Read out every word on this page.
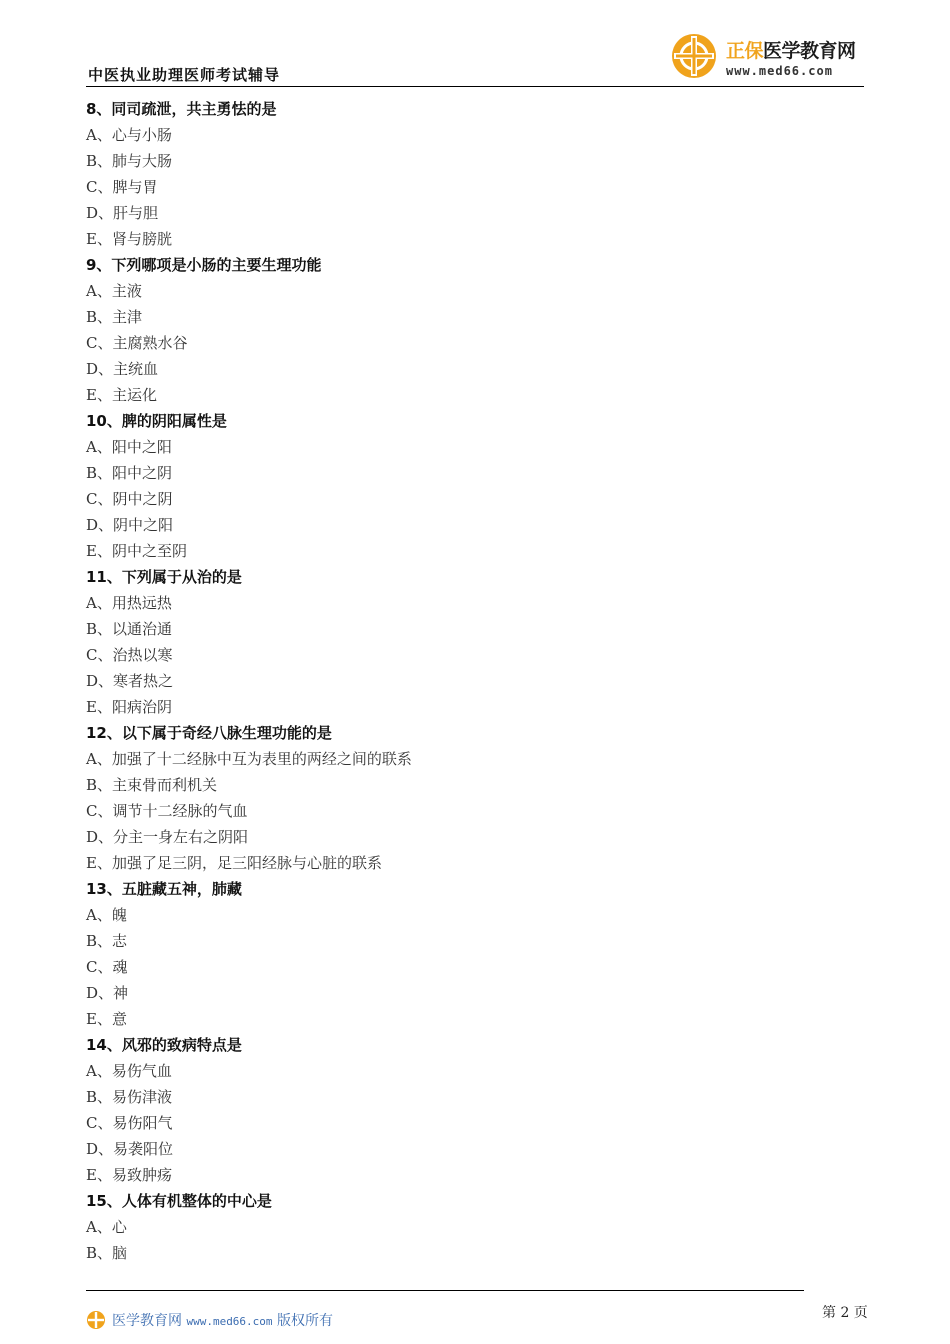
中医执业助理医师考试辅导
正保医学教育网
www.med66.com
8、同司疏泄，共主勇怯的是
A、心与小肠
B、肺与大肠
C、脾与胃
D、肝与胆
E、肾与膀胱
9、下列哪项是小肠的主要生理功能
A、主液
B、主津
C、主腐熟水谷
D、主统血
E、主运化
10、脾的阴阳属性是
A、阳中之阳
B、阳中之阴
C、阴中之阴
D、阴中之阳
E、阴中之至阴
11、下列属于从治的是
A、用热远热
B、以通治通
C、治热以寒
D、寒者热之
E、阳病治阴
12、以下属于奇经八脉生理功能的是
A、加强了十二经脉中互为表里的两经之间的联系
B、主束骨而利机关
C、调节十二经脉的气血
D、分主一身左右之阴阳
E、加强了足三阴，足三阳经脉与心脏的联系
13、五脏藏五神，肺藏
A、魄
B、志
C、魂
D、神
E、意
14、风邪的致病特点是
A、易伤气血
B、易伤津液
C、易伤阳气
D、易袭阳位
E、易致肿疡
15、人体有机整体的中心是
A、心
B、脑
第 2 页
医学教育网 www.med66.com 版权所有
